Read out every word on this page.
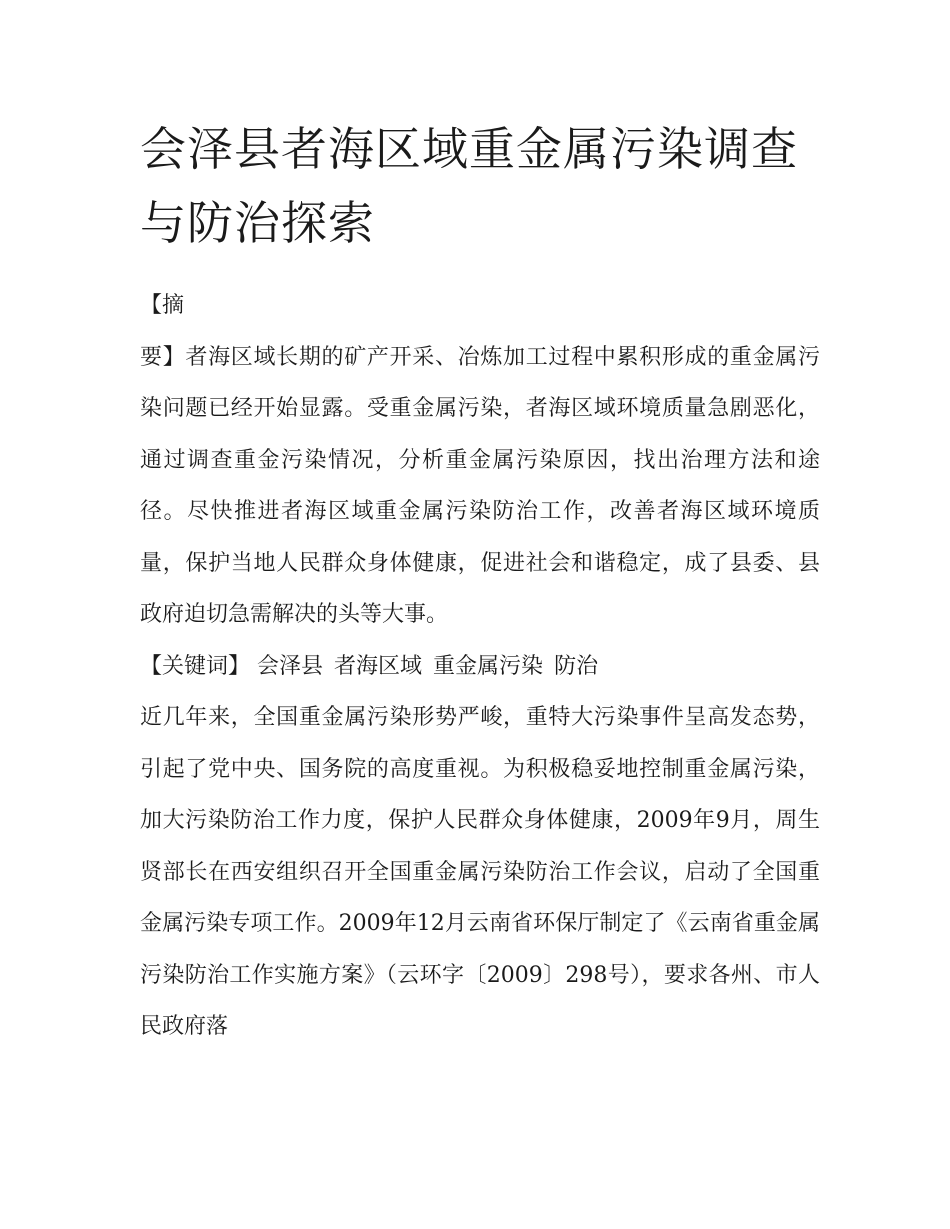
会泽县者海区域重金属污染调查与防治探索

【摘
要】者海区域长期的矿产开采、冶炼加工过程中累积形成的重金属污染问题已经开始显露。受重金属污染，者海区域环境质量急剧恶化，通过调查重金污染情况，分析重金属污染原因，找出治理方法和途径。尽快推进者海区域重金属污染防治工作，改善者海区域环境质量，保护当地人民群众身体健康，促进社会和谐稳定，成了县委、县政府迫切急需解决的头等大事。

【关键词】 会泽县 者海区域 重金属污染 防治

近几年来，全国重金属污染形势严峻，重特大污染事件呈高发态势，引起了党中央、国务院的高度重视。为积极稳妥地控制重金属污染，加大污染防治工作力度，保护人民群众身体健康，2009年9月，周生贤部长在西安组织召开全国重金属污染防治工作会议，启动了全国重金属污染专项工作。2009年12月云南省环保厅制定了《云南省重金属污染防治工作实施方案》（云环字〔2009〕298号），要求各州、市人民政府落
